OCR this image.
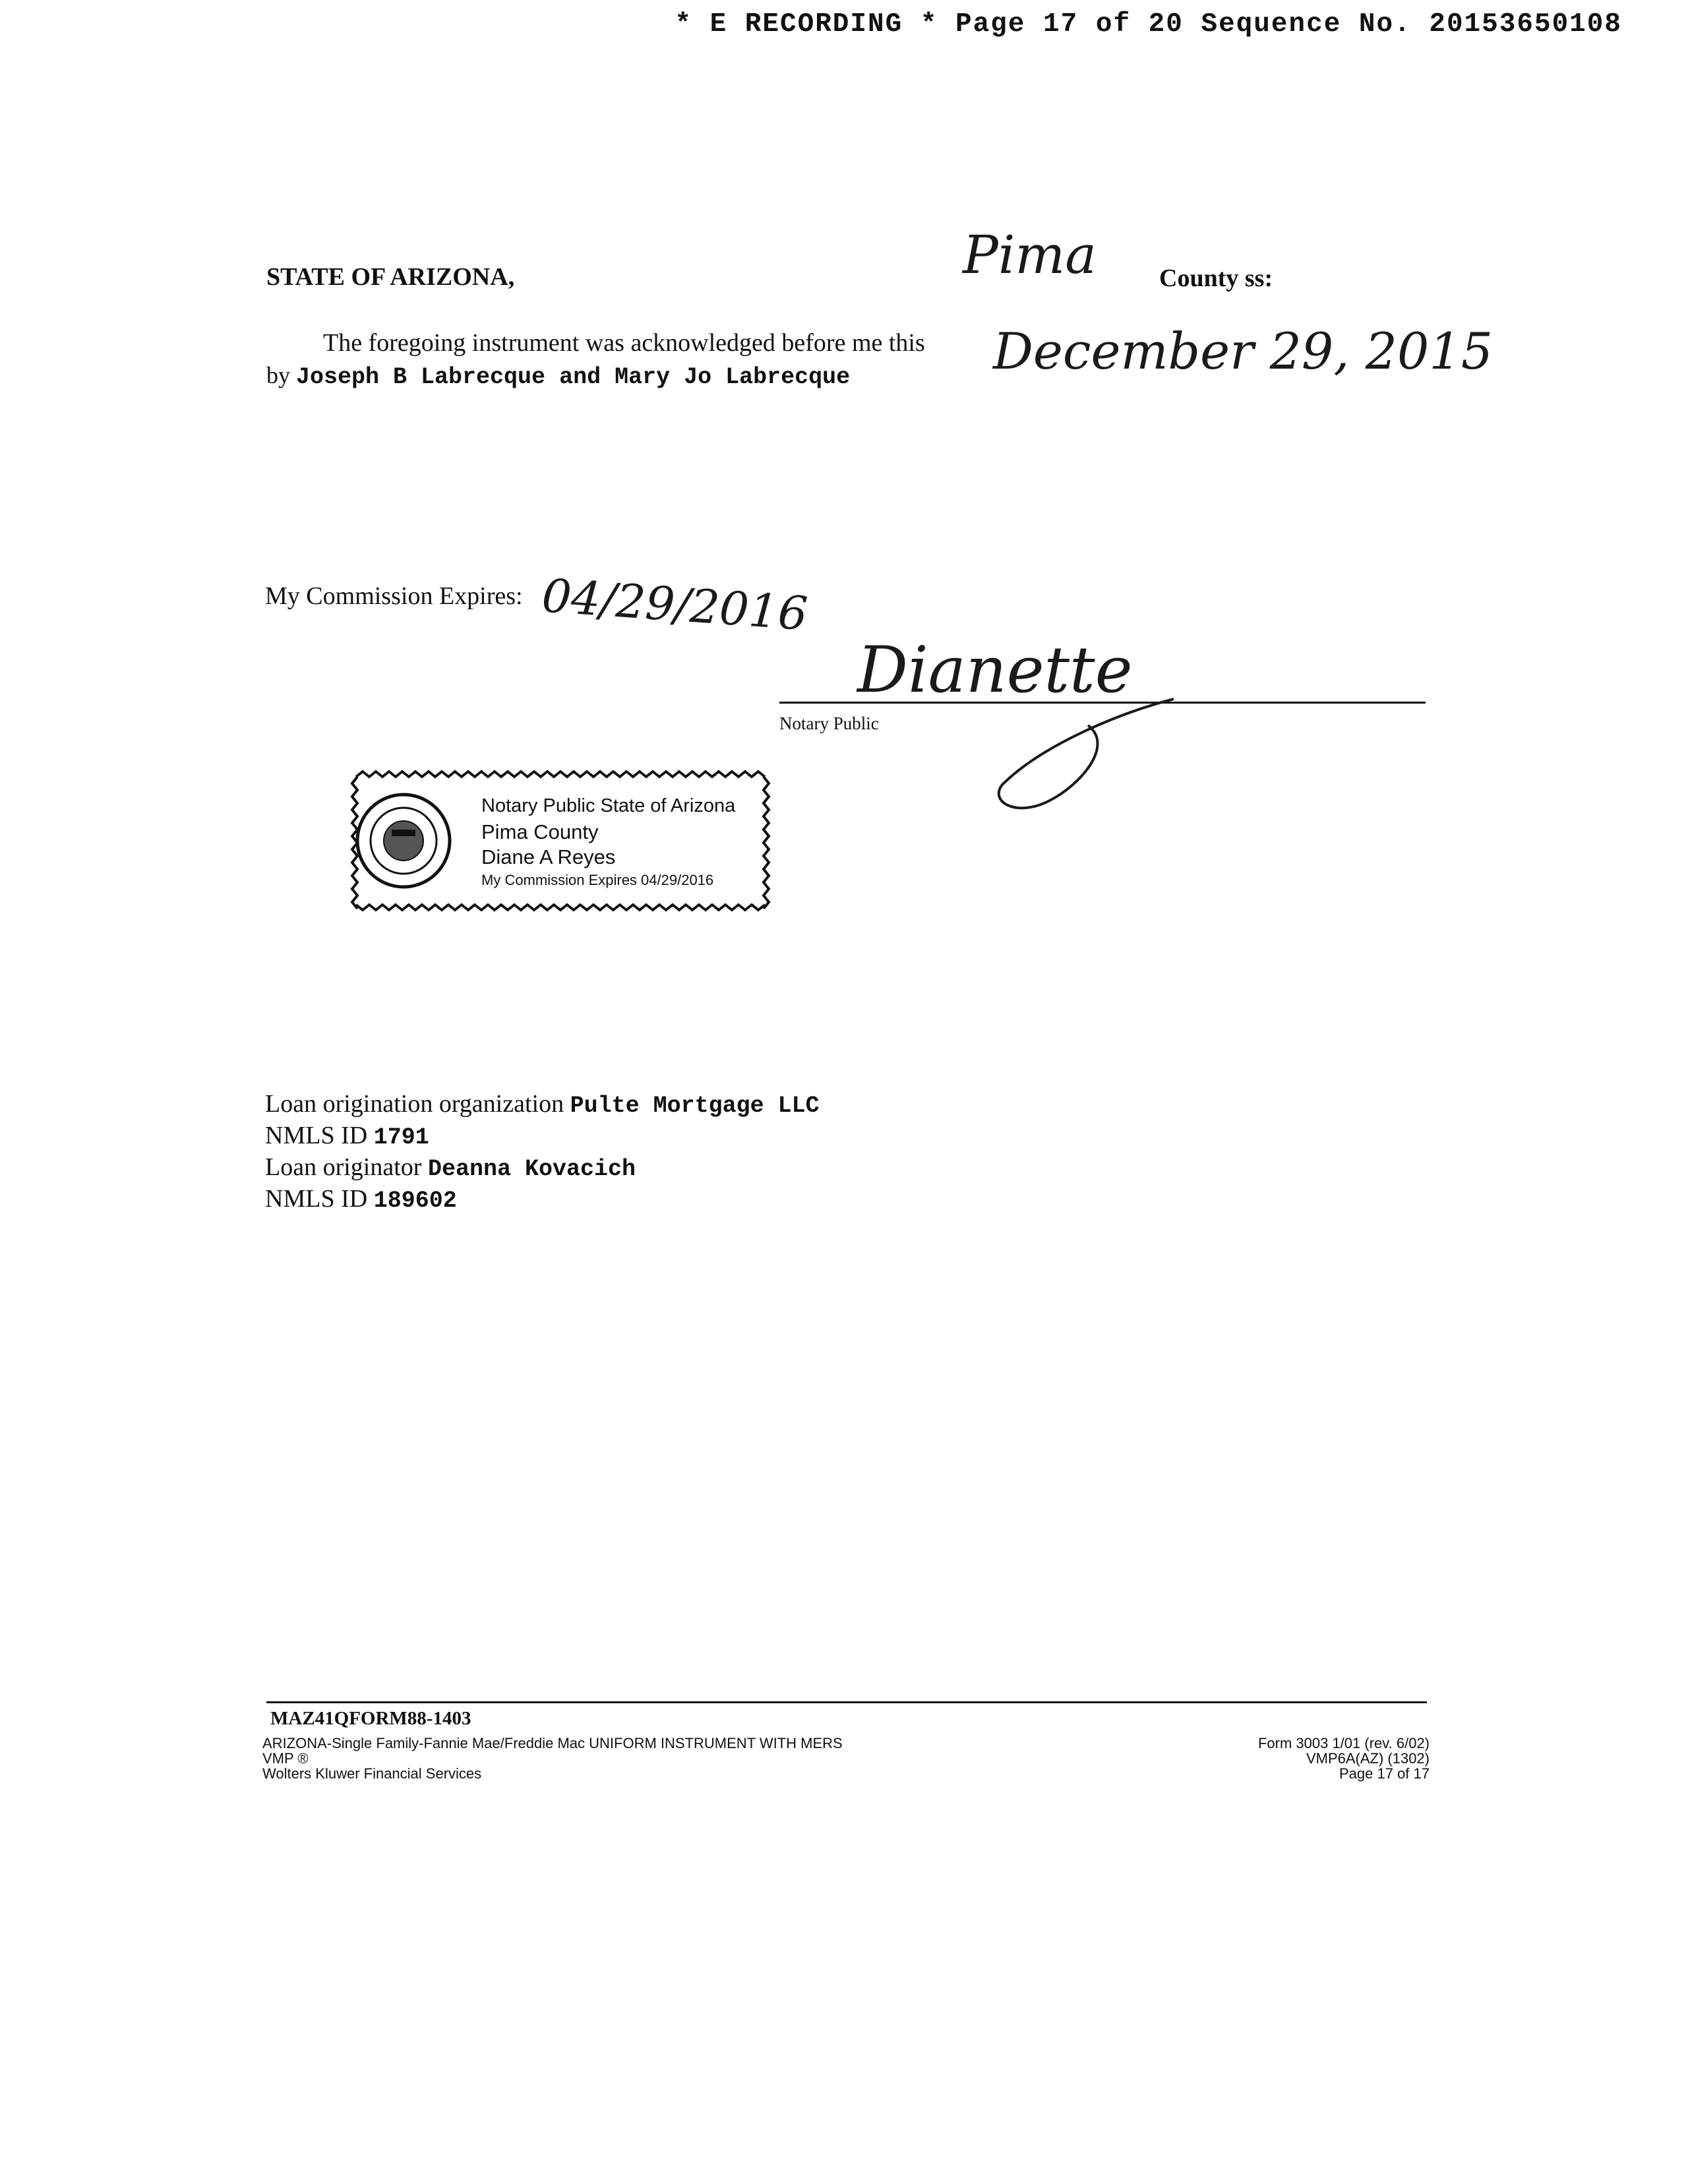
* E RECORDING * Page 17 of 20 Sequence No. 20153650108
STATE OF ARIZONA,	Pima	County ss:
The foregoing instrument was acknowledged before me this December 29, 2015
by Joseph B Labrecque and Mary Jo Labrecque
My Commission Expires: 04/29/2016
Dianette
Notary Public
Notary Public State of Arizona
Pima County
Diane A Reyes
My Commission Expires 04/29/2016
Loan origination organization Pulte Mortgage LLC
NMLS ID 1791
Loan originator Deanna Kovacich
NMLS ID 189602
MAZ41QFORM88-1403
ARIZONA-Single Family-Fannie Mae/Freddie Mac UNIFORM INSTRUMENT WITH MERS
VMP ®
Wolters Kluwer Financial Services
Form 3003 1/01 (rev. 6/02)
VMP6A(AZ) (1302)
Page 17 of 17
